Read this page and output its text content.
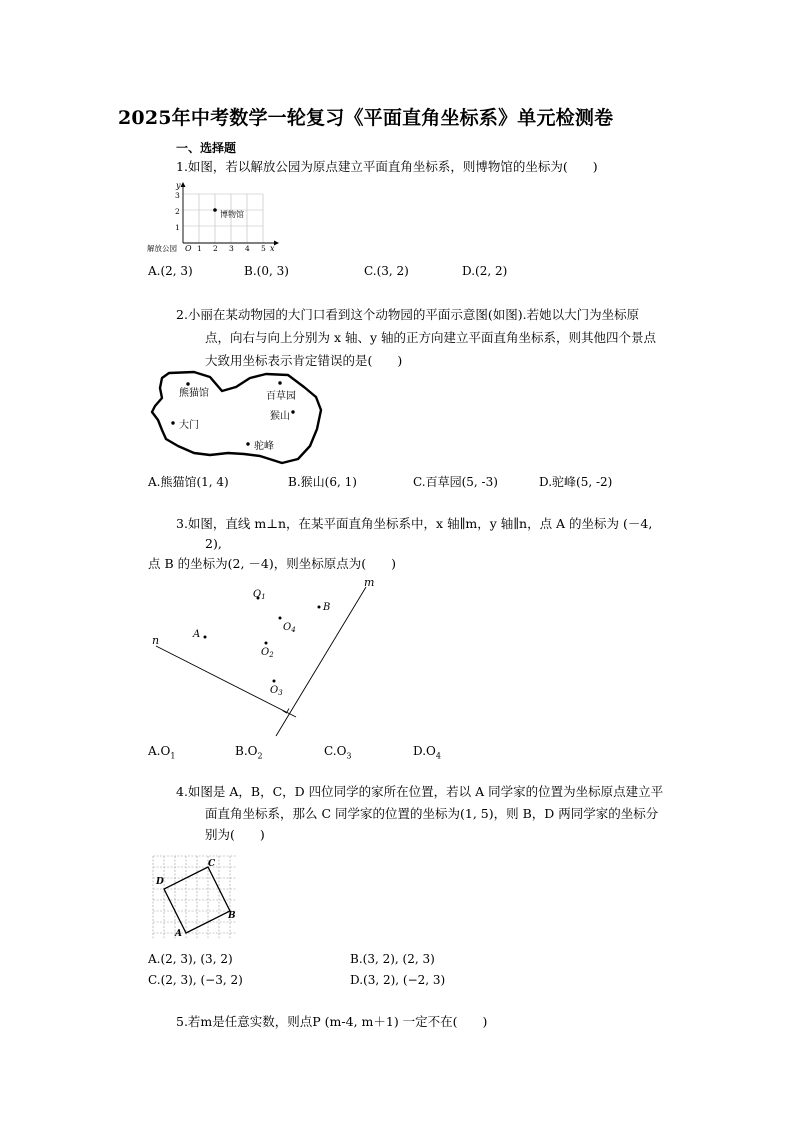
2025年中考数学一轮复习《平面直角坐标系》单元检测卷
一、选择题
1.如图，若以解放公园为原点建立平面直角坐标系，则博物馆的坐标为(　　)
y
x
O
解放公园	1 2 3 4 5
1
2
3
博物馆
A.(2, 3)	B.(0, 3)	C.(3, 2)	D.(2, 2)
2.小丽在某动物园的大门口看到这个动物园的平面示意图(如图).若她以大门为坐标原
点，向右与向上分别为 x 轴、y 轴的正方向建立平面直角坐标系，则其他四个景点
大致用坐标表示肯定错误的是(　　)
熊猫馆	百草园
猴山
大门
驼峰
A.熊猫馆(1, 4)	B.猴山(6, 1)	C.百草园(5, -3)	D.驼峰(5, -2)
3.如图，直线 m⊥n，在某平面直角坐标系中，x 轴∥m，y 轴∥n，点 A 的坐标为 (－4,
2),
点 B 的坐标为(2, －4)，则坐标原点为(　　)
m
n	A
B
$O_1$
$O_4$
$O_2$
$O_3$
$A.O_1$	$B.O_2$	$C.O_3$	$D.O_4$
4.如图是 A，B，C，D 四位同学的家所在位置，若以 A 同学家的位置为坐标原点建立平
面直角坐标系，那么 C 同学家的位置的坐标为(1, 5)，则 B，D 两同学家的坐标分
别为(　　)
A
B
C
D
A.(2, 3), (3, 2)	B.(3, 2), (2, 3)
C.(2, 3), (−3, 2)	D.(3, 2), (−2, 3)
5.若m是任意实数，则点P (m-4, m＋1) 一定不在(　　)
